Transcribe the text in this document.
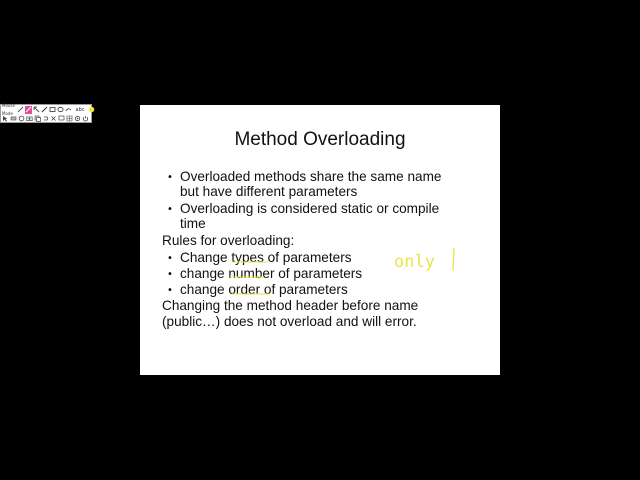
Mouse Mode
abc
Method Overloading
• Overloaded methods share the same name
but have different parameters
• Overloading is considered static or compile
time
Rules for overloading:
• Change types of parameters
• change number of parameters
• change order of parameters
Changing the method header before name
(public…) does not overload and will error.
only
